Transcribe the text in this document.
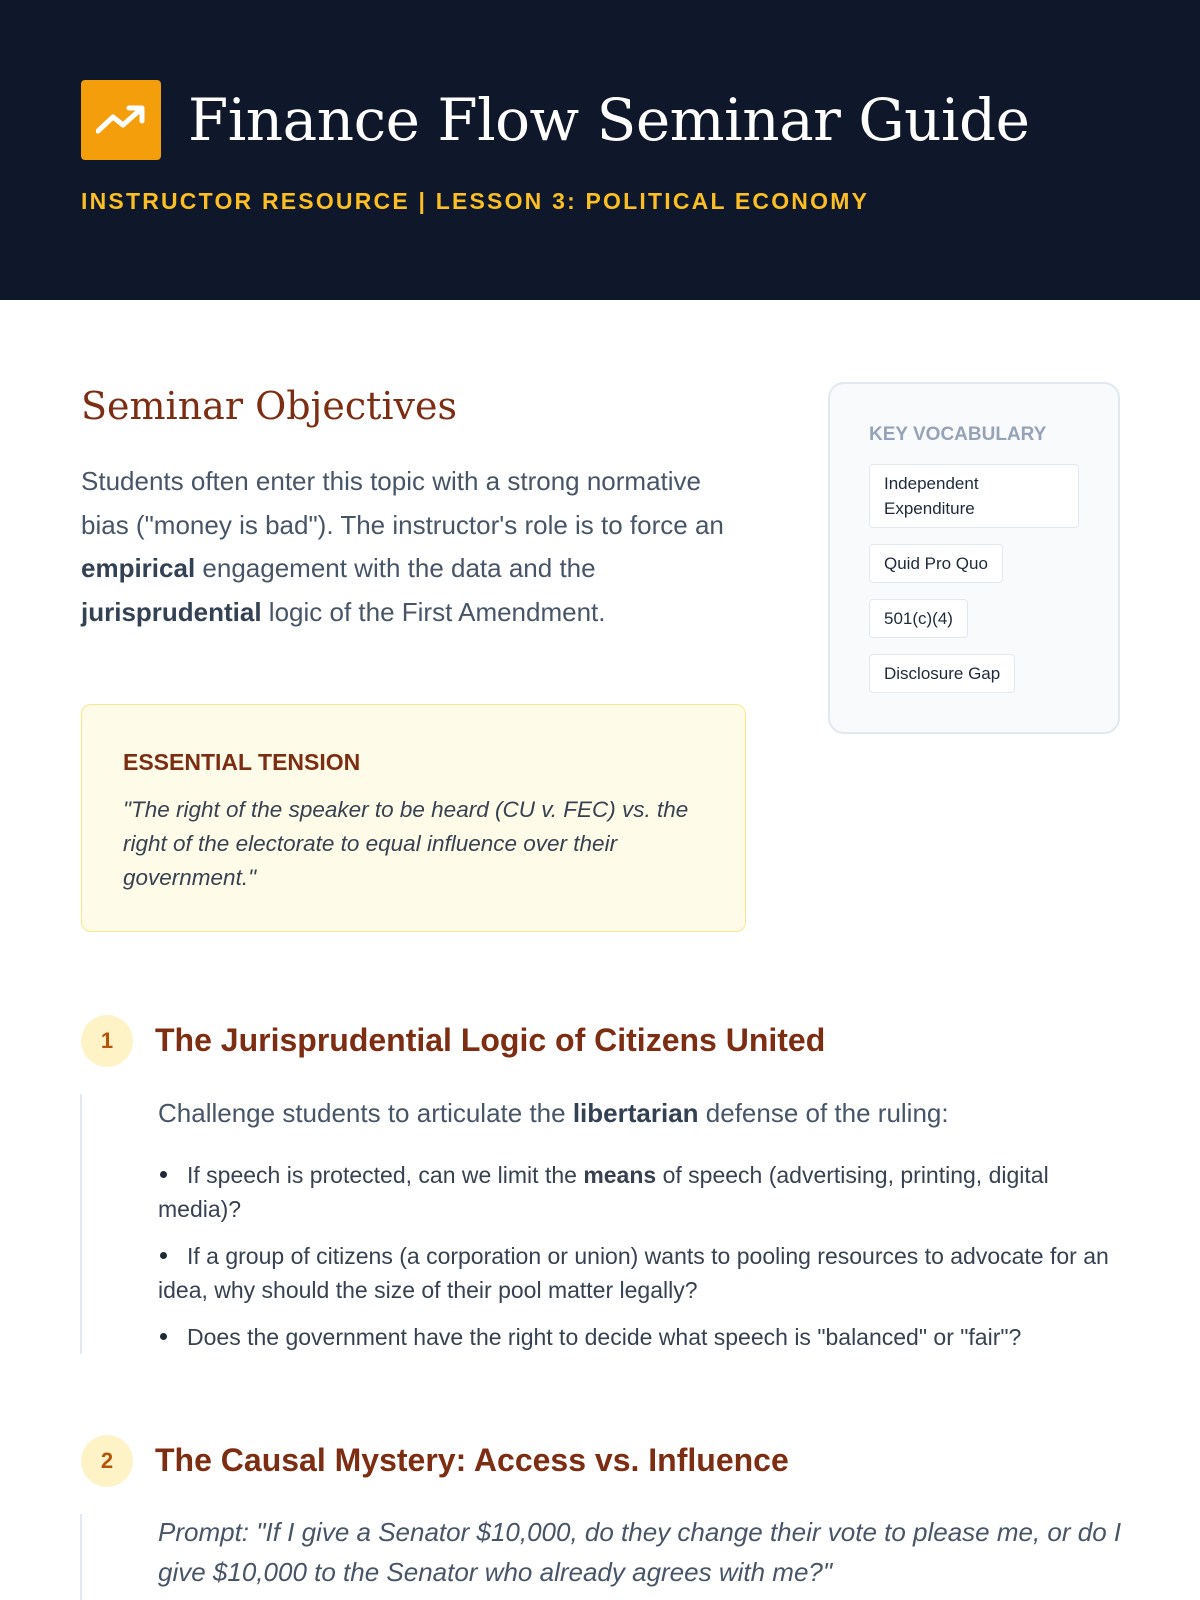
Finance Flow Seminar Guide
INSTRUCTOR RESOURCE | LESSON 3: POLITICAL ECONOMY
Seminar Objectives
Students often enter this topic with a strong normative bias ("money is bad"). The instructor's role is to force an empirical engagement with the data and the jurisprudential logic of the First Amendment.
ESSENTIAL TENSION
"The right of the speaker to be heard (CU v. FEC) vs. the right of the electorate to equal influence over their government."
KEY VOCABULARY
Independent Expenditure
Quid Pro Quo
501(c)(4)
Disclosure Gap
1	The Jurisprudential Logic of Citizens United
Challenge students to articulate the libertarian defense of the ruling:
If speech is protected, can we limit the means of speech (advertising, printing, digital media)?
If a group of citizens (a corporation or union) wants to pooling resources to advocate for an idea, why should the size of their pool matter legally?
Does the government have the right to decide what speech is "balanced" or "fair"?
2	The Causal Mystery: Access vs. Influence
Prompt: "If I give a Senator $10,000, do they change their vote to please me, or do I give $10,000 to the Senator who already agrees with me?"
